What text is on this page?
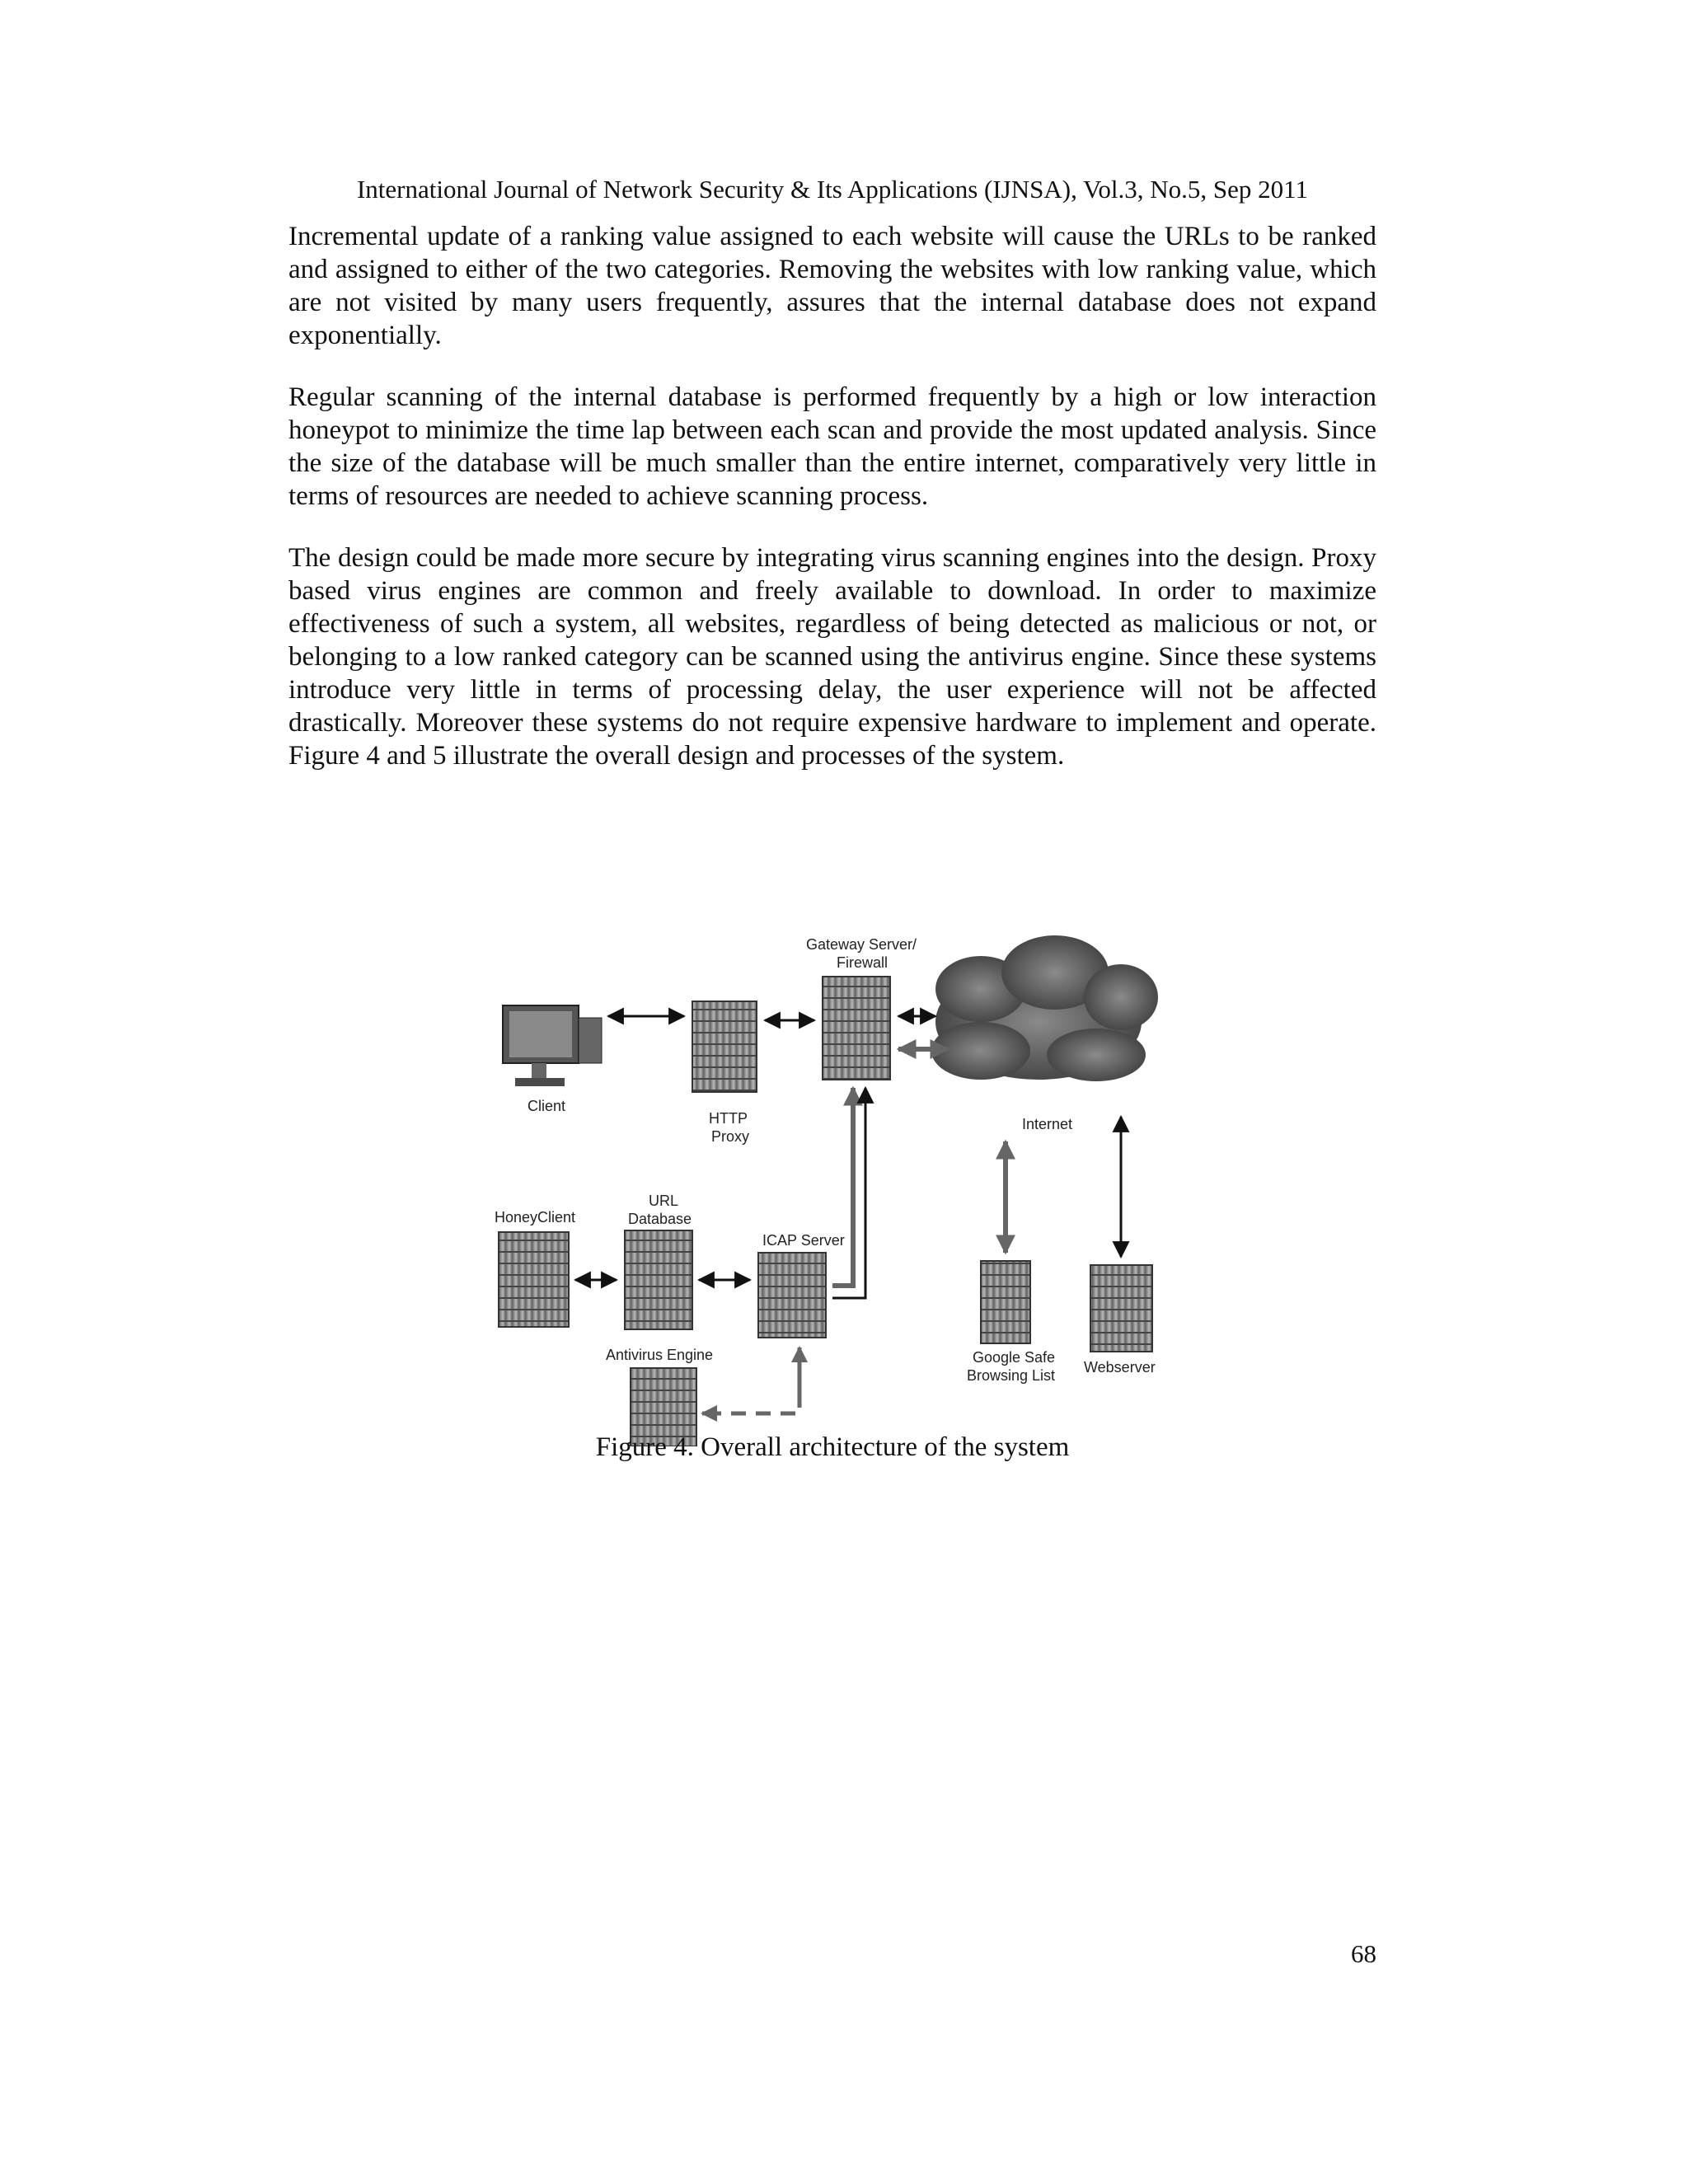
International Journal of Network Security & Its Applications (IJNSA), Vol.3, No.5, Sep 2011

Incremental update of a ranking value assigned to each website will cause the URLs to be ranked and assigned to either of the two categories. Removing the websites with low ranking value, which are not visited by many users frequently, assures that the internal database does not expand exponentially.

Regular scanning of the internal database is performed frequently by a high or low interaction honeypot to minimize the time lap between each scan and provide the most updated analysis. Since the size of the database will be much smaller than the entire internet, comparatively very little in terms of resources are needed to achieve scanning process.

The design could be made more secure by integrating virus scanning engines into the design. Proxy based virus engines are common and freely available to download. In order to maximize effectiveness of such a system, all websites, regardless of being detected as malicious or not, or belonging to a low ranked category can be scanned using the antivirus engine. Since these systems introduce very little in terms of processing delay, the user experience will not be affected drastically. Moreover these systems do not require expensive hardware to implement and operate. Figure 4 and 5 illustrate the overall design and processes of the system.

Client
HTTP
Proxy
Gateway Server/
Firewall
Internet
HoneyClient
URL
Database
ICAP Server
Antivirus Engine	Google Safe
Browsing List Webserver
Figure 4. Overall architecture of the system
68
